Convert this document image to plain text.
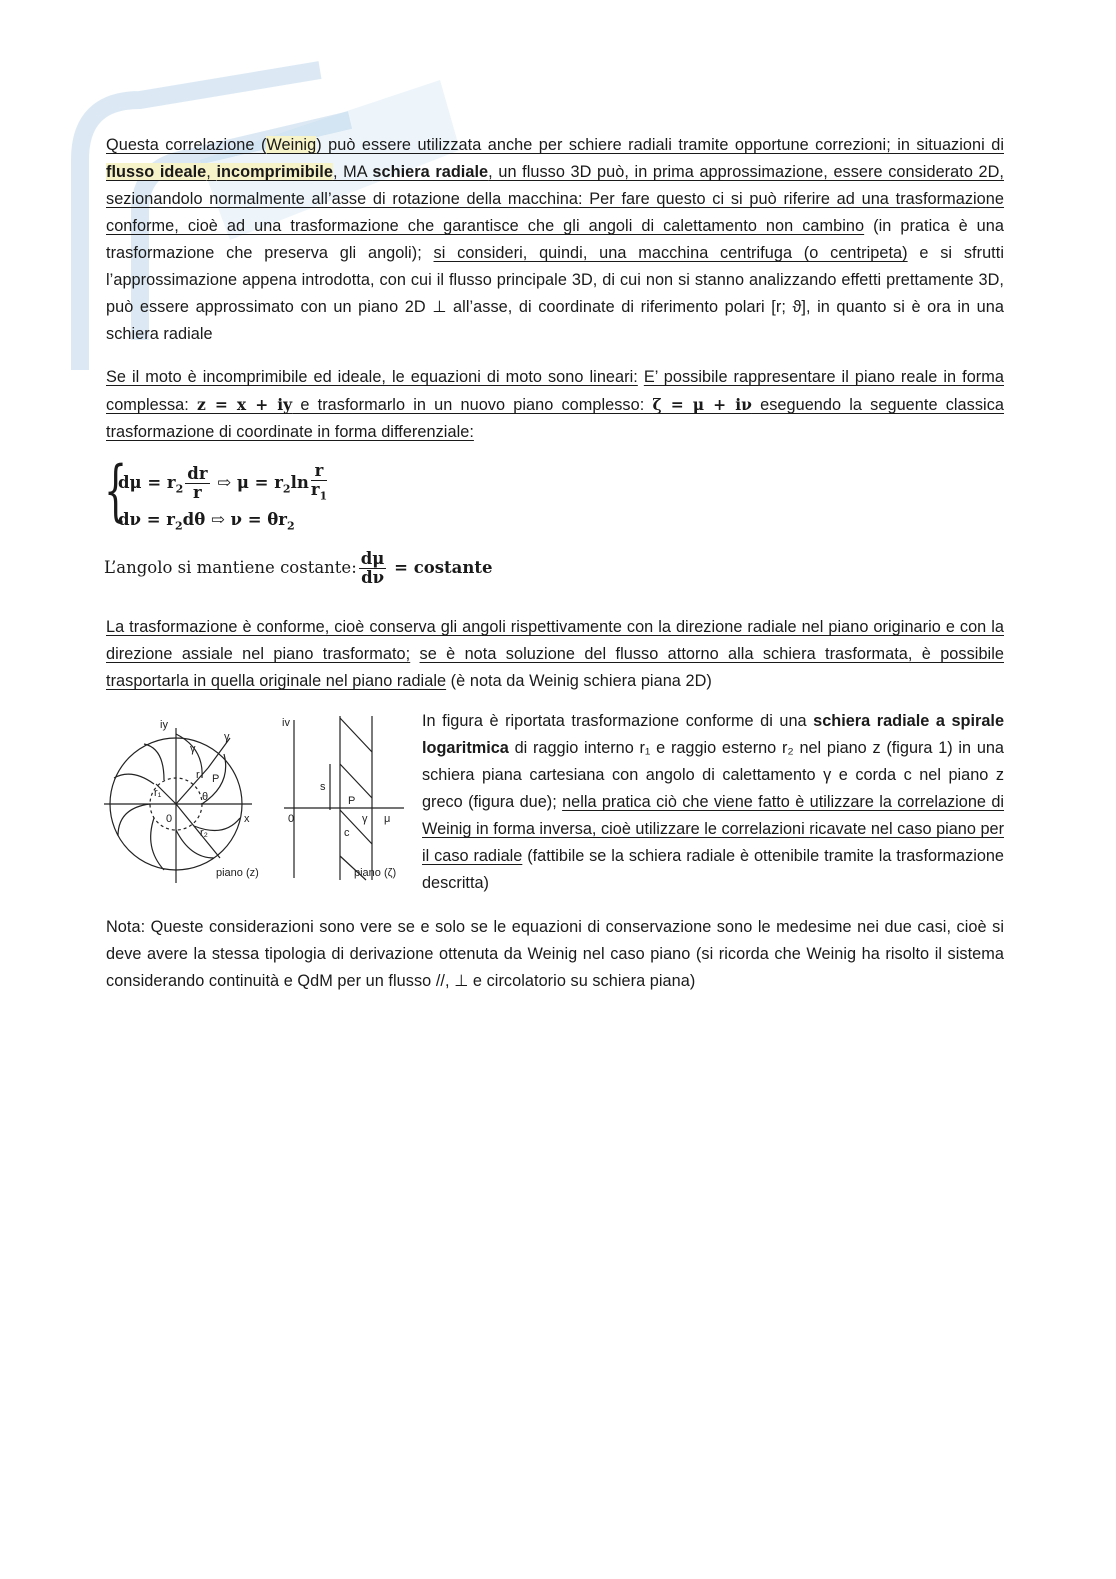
Questa correlazione (Weinig) può essere utilizzata anche per schiere radiali tramite opportune correzioni; in situazioni di flusso ideale, incomprimibile, MA schiera radiale, un flusso 3D può, in prima approssimazione, essere considerato 2D, sezionandolo normalmente all’asse di rotazione della macchina: Per fare questo ci si può riferire ad una trasformazione conforme, cioè ad una trasformazione che garantisce che gli angoli di calettamento non cambino (in pratica è una trasformazione che preserva gli angoli); si consideri, quindi, una macchina centrifuga (o centripeta) e si sfrutti l’approssimazione appena introdotta, con cui il flusso principale 3D, di cui non si stanno analizzando effetti prettamente 3D, può essere approssimato con un piano 2D ⊥ all’asse, di coordinate di riferimento polari [r; ϑ], in quanto si è ora in una schiera radiale
Se il moto è incomprimibile ed ideale, le equazioni di moto sono lineari: E’ possibile rappresentare il piano reale in forma complessa: z = x + iy e trasformarlo in un nuovo piano complesso: ζ = μ + iν eseguendo la seguente classica trasformazione di coordinate in forma differenziale:
{
$d\mu = r_2 \frac{dr}{r}$ ⇨ $\mu = r_2\ln \frac{r}{r_1}$
$d\nu = r_2d\theta$ ⇨ $\nu = \theta r_2$
L’angolo si mantiene costante: $\frac{d\mu}{d\nu}$ = costante
La trasformazione è conforme, cioè conserva gli angoli rispettivamente con la direzione radiale nel piano originario e con la direzione assiale nel piano trasformato; se è nota soluzione del flusso attorno alla schiera trasformata, è possibile trasportarla in quella originale nel piano radiale (è nota da Weinig schiera piana 2D)
iy
γ
γ
r₁
r P
θ
0	x
r₂
piano (z)
iv
s
P
0	γ μ
c
piano (ζ)
In figura è riportata trasformazione conforme di una schiera radiale a spirale logaritmica di raggio interno r₁ e raggio esterno r₂ nel piano z (figura 1) in una schiera piana cartesiana con angolo di calettamento γ e corda c nel piano z greco (figura due); nella pratica ciò che viene fatto è utilizzare la correlazione di Weinig in forma inversa, cioè utilizzare le correlazioni ricavate nel caso piano per il caso radiale (fattibile se la schiera radiale è ottenibile tramite la trasformazione descritta)
Nota: Queste considerazioni sono vere se e solo se le equazioni di conservazione sono le medesime nei due casi, cioè si deve avere la stessa tipologia di derivazione ottenuta da Weinig nel caso piano (si ricorda che Weinig ha risolto il sistema considerando continuità e QdM per un flusso //, ⊥ e circolatorio su schiera piana)
